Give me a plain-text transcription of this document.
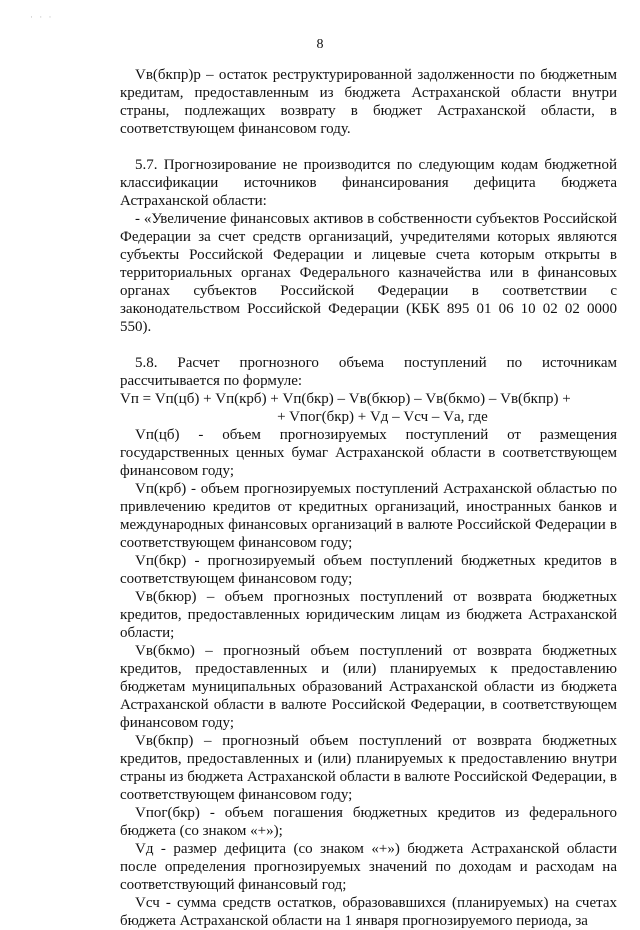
· · ·
8

Vв(бкпр)р – остаток реструктурированной задолженности по бюджетным кредитам, предоставленным из бюджета Астраханской области внутри страны, подлежащих возврату в бюджет Астраханской области, в соответствующем финансовом году.

5.7. Прогнозирование не производится по следующим кодам бюджетной классификации источников финансирования дефицита бюджета Астраханской области:

- «Увеличение финансовых активов в собственности субъектов Российской Федерации за счет средств организаций, учредителями которых являются субъекты Российской Федерации и лицевые счета которым открыты в территориальных органах Федерального казначейства или в финансовых органах субъектов Российской Федерации в соответствии с законодательством Российской Федерации (КБК 895 01 06 10 02 02 0000 550).

5.8. Расчет прогнозного объема поступлений по источникам рассчитывается по формуле:

Vп = Vп(цб) + Vп(крб) + Vп(бкр) – Vв(бкюр) – Vв(бкмо) – Vв(бкпр) +
+ Vпог(бкр) + Vд – Vсч – Vа, где

Vп(цб) - объем прогнозируемых поступлений от размещения государственных ценных бумаг Астраханской области в соответствующем финансовом году;

Vп(крб) - объем прогнозируемых поступлений Астраханской областью по привлечению кредитов от кредитных организаций, иностранных банков и международных финансовых организаций в валюте Российской Федерации в соответствующем финансовом году;

Vп(бкр) - прогнозируемый объем поступлений бюджетных кредитов в соответствующем финансовом году;

Vв(бкюр) – объем прогнозных поступлений от возврата бюджетных кредитов, предоставленных юридическим лицам из бюджета Астраханской области;

Vв(бкмо) – прогнозный объем поступлений от возврата бюджетных кредитов, предоставленных и (или) планируемых к предоставлению бюджетам муниципальных образований Астраханской области из бюджета Астраханской области в валюте Российской Федерации, в соответствующем финансовом году;

Vв(бкпр) – прогнозный объем поступлений от возврата бюджетных кредитов, предоставленных и (или) планируемых к предоставлению внутри страны из бюджета Астраханской области в валюте Российской Федерации, в соответствующем финансовом году;

Vпог(бкр) - объем погашения бюджетных кредитов из федерального бюджета (со знаком «+»);

Vд - размер дефицита (со знаком «+») бюджета Астраханской области после определения прогнозируемых значений по доходам и расходам на соответствующий финансовый год;

Vсч - сумма средств остатков, образовавшихся (планируемых) на счетах бюджета Астраханской области на 1 января прогнозируемого периода, за
